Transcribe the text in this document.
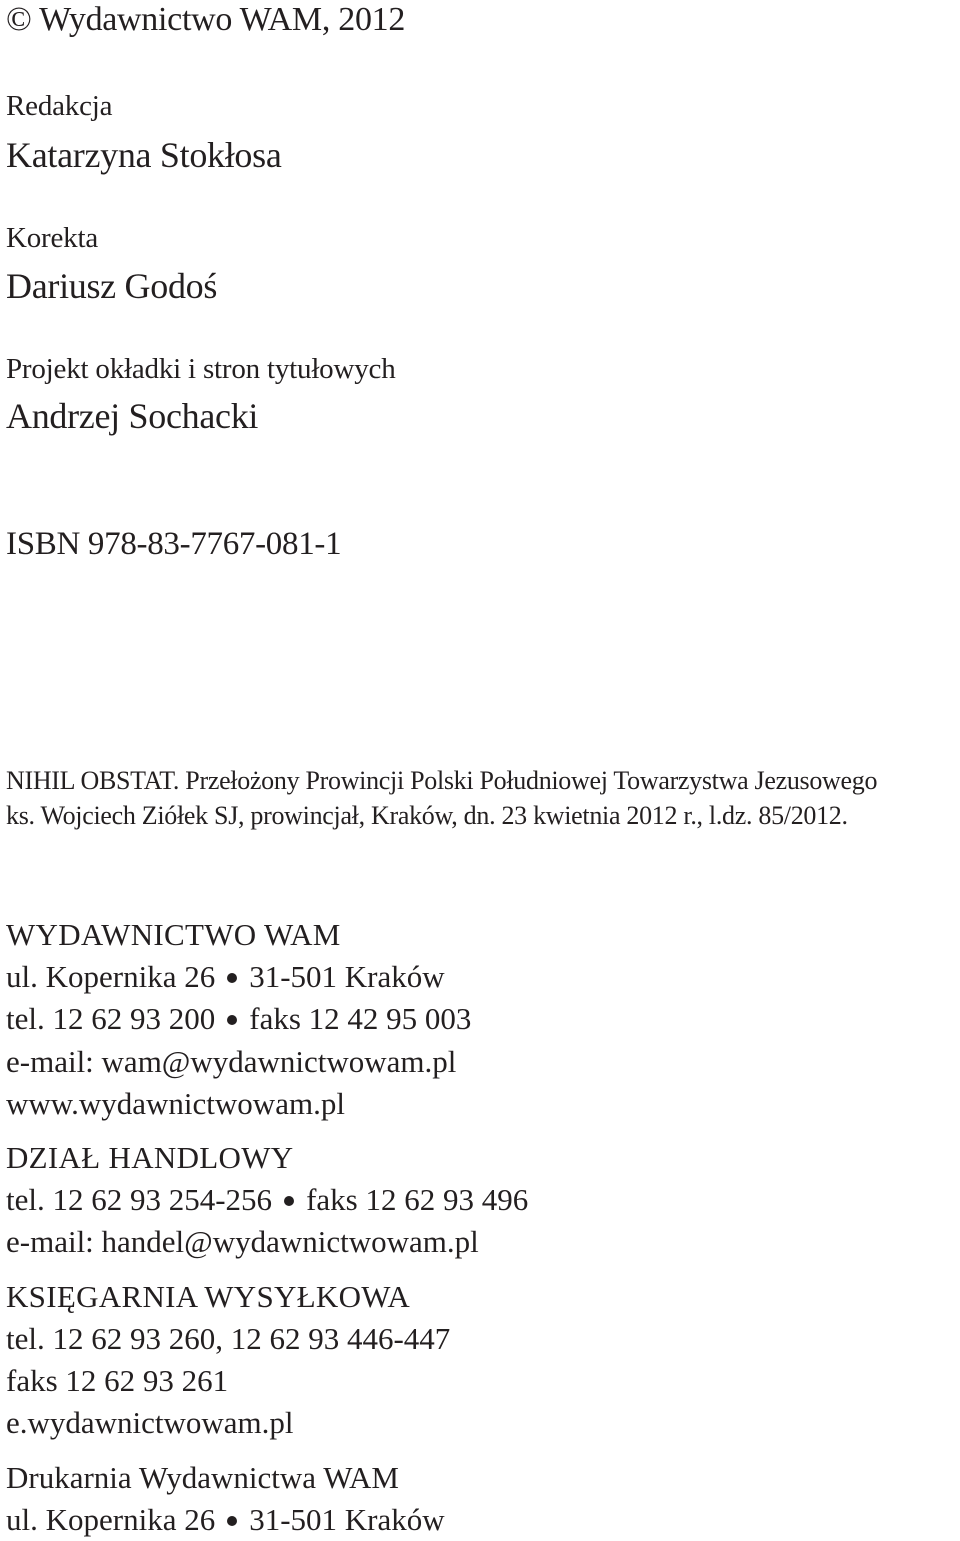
© Wydawnictwo WAM, 2012
Redakcja
Katarzyna Stokłosa
Korekta
Dariusz Godoś
Projekt okładki i stron tytułowych
Andrzej Sochacki
ISBN 978-83-7767-081-1
NIHIL OBSTAT. Przełożony Prowincji Polski Południowej Towarzystwa Jezusowego
ks. Wojciech Ziółek SJ, prowincjał, Kraków, dn. 23 kwietnia 2012 r., l.dz. 85/2012.
WYDAWNICTWO WAM
ul. Kopernika 26 31-501 Kraków
tel. 12 62 93 200 faks 12 42 95 003
e-mail: wam@wydawnictwowam.pl
www.wydawnictwowam.pl
DZIAŁ HANDLOWY
tel. 12 62 93 254-256 faks 12 62 93 496
e-mail: handel@wydawnictwowam.pl
KSIĘGARNIA WYSYŁKOWA
tel. 12 62 93 260, 12 62 93 446-447
faks 12 62 93 261
e.wydawnictwowam.pl
Drukarnia Wydawnictwa WAM
ul. Kopernika 26 31-501 Kraków
